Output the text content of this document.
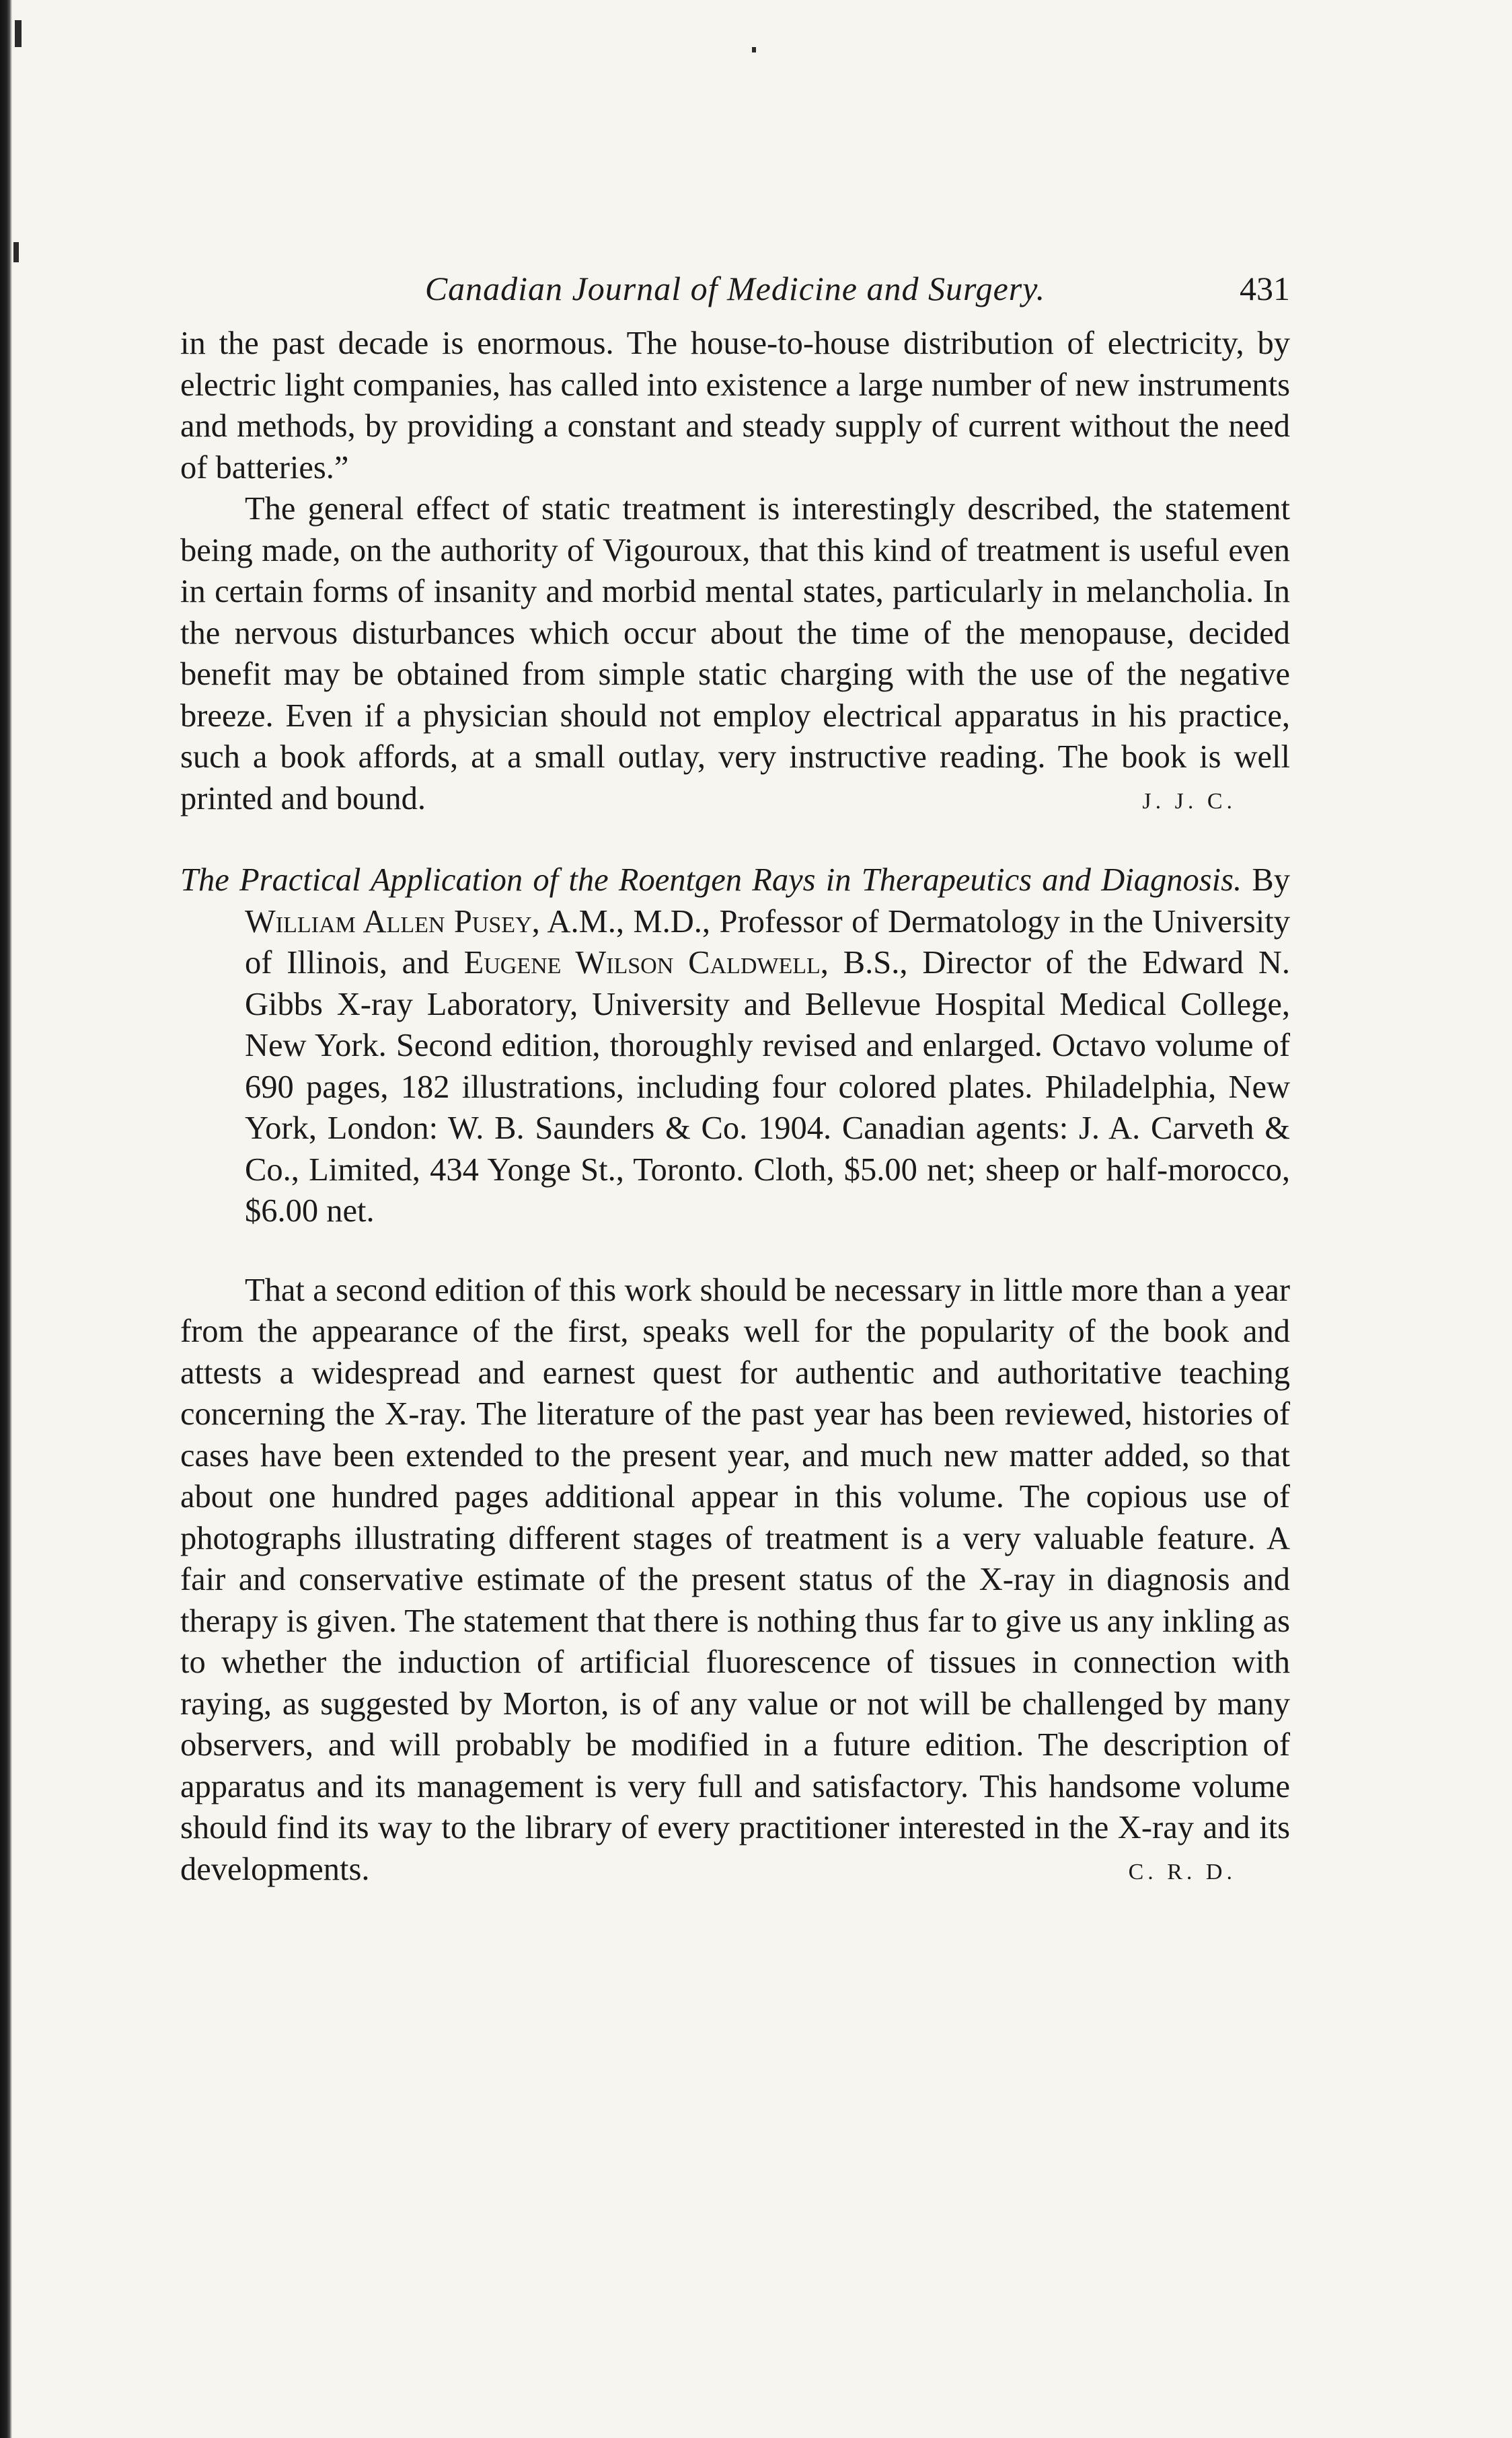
Canadian Journal of Medicine and Surgery.	431

in the past decade is enormous. The house-to-house distribution of electricity, by electric light companies, has called into existence a large number of new instruments and methods, by providing a constant and steady supply of current without the need of batteries.”

The general effect of static treatment is interestingly described, the statement being made, on the authority of Vigouroux, that this kind of treatment is useful even in certain forms of insanity and morbid mental states, particularly in melancholia. In the nervous disturbances which occur about the time of the menopause, decided benefit may be obtained from simple static charging with the use of the negative breeze. Even if a physician should not employ electrical apparatus in his practice, such a book affords, at a small outlay, very instructive reading. The book is well printed and bound.	J. J. C.

The Practical Application of the Roentgen Rays in Therapeutics and Diagnosis. By William Allen Pusey, A.M., M.D., Professor of Dermatology in the University of Illinois, and Eugene Wilson Caldwell, B.S., Director of the Edward N. Gibbs X-ray Laboratory, University and Bellevue Hospital Medical College, New York. Second edition, thoroughly revised and enlarged. Octavo volume of 690 pages, 182 illustrations, including four colored plates. Philadelphia, New York, London: W. B. Saunders & Co. 1904. Canadian agents: J. A. Carveth & Co., Limited, 434 Yonge St., Toronto. Cloth, $5.00 net; sheep or half-morocco, $6.00 net.

That a second edition of this work should be necessary in little more than a year from the appearance of the first, speaks well for the popularity of the book and attests a widespread and earnest quest for authentic and authoritative teaching concerning the X-ray. The literature of the past year has been reviewed, histories of cases have been extended to the present year, and much new matter added, so that about one hundred pages additional appear in this volume. The copious use of photographs illustrating different stages of treatment is a very valuable feature. A fair and conservative estimate of the present status of the X-ray in diagnosis and therapy is given. The statement that there is nothing thus far to give us any inkling as to whether the induction of artificial fluorescence of tissues in connection with raying, as suggested by Morton, is of any value or not will be challenged by many observers, and will probably be modified in a future edition. The description of apparatus and its management is very full and satisfactory. This handsome volume should find its way to the library of every practitioner interested in the X-ray and its developments.	C. R. D.
